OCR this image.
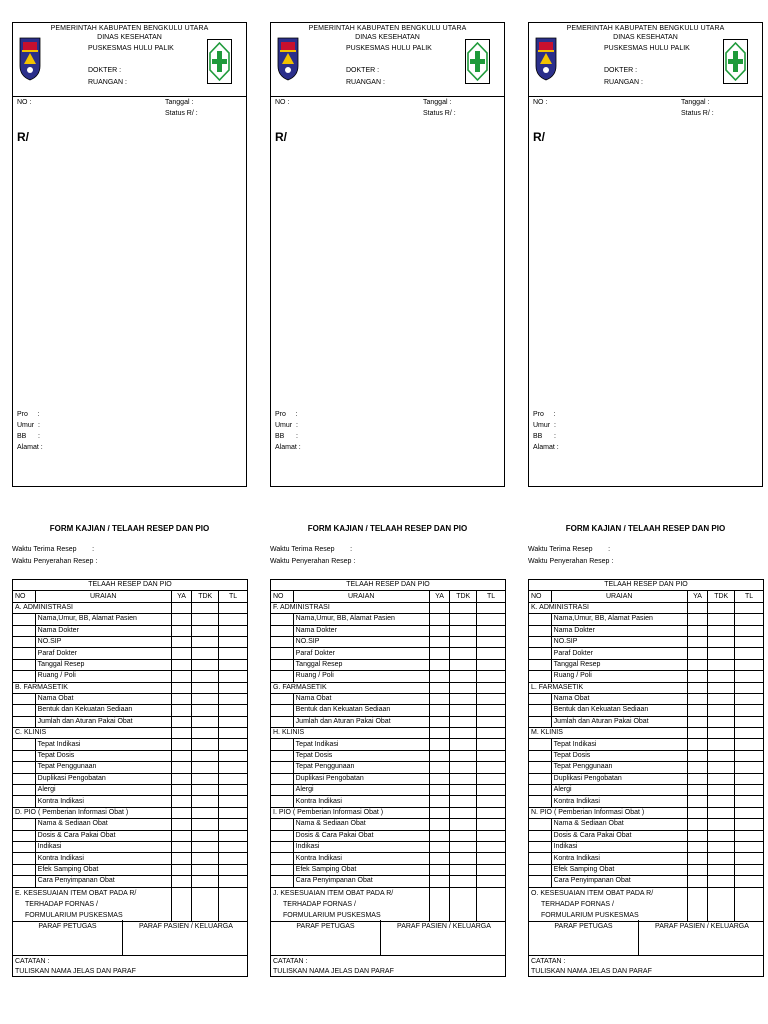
PEMERINTAH KABUPATEN BENGKULU UTARA
DINAS KESEHATAN
PUSKESMAS HULU PALIK
DOKTER :
RUANGAN :
NO :	Tanggal :
Status R/ :
R/
Pro     :
Umur  :
BB      :
Alamat :
FORM KAJIAN / TELAAH RESEP DAN PIO
Waktu Terima Resep        :
Waktu Penyerahan Resep :
TELAAH RESEP DAN PIO				
NO	URAIAN	YA	TDK	TL
A. ADMINISTRASI				
	Nama,Umur, BB, Alamat Pasien			
	Nama Dokter			
	NO.SIP			
	Paraf Dokter			
	Tanggal Resep			
	Ruang / Poli			
B. FARMASETIK				
	Nama Obat			
	Bentuk dan Kekuatan Sediaan			
	Jumlah dan Aturan Pakai Obat			
C. KLINIS				
	Tepat Indikasi			
	Tepat Dosis			
	Tepat Penggunaan			
	Duplikasi Pengobatan			
	Alergi			
	Kontra Indikasi			
D. PIO ( Pemberian Informasi Obat )				
	Nama & Sediaan Obat			
	Dosis & Cara Pakai Obat			
	Indikasi			
	Kontra Indikasi			
	Efek Samping Obat			
	Cara Penyimpanan Obat			

E. KESESUAIAN ITEM OBAT PADA R/
TERHADAP FORNAS /
FORMULARIUM PUSKESMAS				

PARAF PETUGAS	PARAF PASIEN / KELUARGA
CATATAN :
TULISKAN NAMA JELAS DAN PARAF
PEMERINTAH KABUPATEN BENGKULU UTARA
DINAS KESEHATAN
PUSKESMAS HULU PALIK
DOKTER :
RUANGAN :
NO :	Tanggal :
Status R/ :
R/
Pro     :
Umur  :
BB      :
Alamat :
FORM KAJIAN / TELAAH RESEP DAN PIO
Waktu Terima Resep        :
Waktu Penyerahan Resep :
TELAAH RESEP DAN PIO				
NO	URAIAN	YA	TDK	TL
F. ADMINISTRASI				
	Nama,Umur, BB, Alamat Pasien			
	Nama Dokter			
	NO.SIP			
	Paraf Dokter			
	Tanggal Resep			
	Ruang / Poli			
G. FARMASETIK				
	Nama Obat			
	Bentuk dan Kekuatan Sediaan			
	Jumlah dan Aturan Pakai Obat			
H. KLINIS				
	Tepat Indikasi			
	Tepat Dosis			
	Tepat Penggunaan			
	Duplikasi Pengobatan			
	Alergi			
	Kontra Indikasi			
I. PIO ( Pemberian Informasi Obat )				
	Nama & Sediaan Obat			
	Dosis & Cara Pakai Obat			
	Indikasi			
	Kontra Indikasi			
	Efek Samping Obat			
	Cara Penyimpanan Obat			

J. KESESUAIAN ITEM OBAT PADA R/
TERHADAP FORNAS /
FORMULARIUM PUSKESMAS				

PARAF PETUGAS	PARAF PASIEN / KELUARGA
CATATAN :
TULISKAN NAMA JELAS DAN PARAF
PEMERINTAH KABUPATEN BENGKULU UTARA
DINAS KESEHATAN
PUSKESMAS HULU PALIK
DOKTER :
RUANGAN :
NO :	Tanggal :
Status R/ :
R/
Pro     :
Umur  :
BB      :
Alamat :
FORM KAJIAN / TELAAH RESEP DAN PIO
Waktu Terima Resep        :
Waktu Penyerahan Resep :
TELAAH RESEP DAN PIO				
NO	URAIAN	YA	TDK	TL
K. ADMINISTRASI				
	Nama,Umur, BB, Alamat Pasien			
	Nama Dokter			
	NO.SIP			
	Paraf Dokter			
	Tanggal Resep			
	Ruang / Poli			
L. FARMASETIK				
	Nama Obat			
	Bentuk dan Kekuatan Sediaan			
	Jumlah dan Aturan Pakai Obat			
M. KLINIS				
	Tepat Indikasi			
	Tepat Dosis			
	Tepat Penggunaan			
	Duplikasi Pengobatan			
	Alergi			
	Kontra Indikasi			
N. PIO ( Pemberian Informasi Obat )				
	Nama & Sediaan Obat			
	Dosis & Cara Pakai Obat			
	Indikasi			
	Kontra Indikasi			
	Efek Samping Obat			
	Cara Penyimpanan Obat			

O. KESESUAIAN ITEM OBAT PADA R/
TERHADAP FORNAS /
FORMULARIUM PUSKESMAS				

PARAF PETUGAS	PARAF PASIEN / KELUARGA
CATATAN :
TULISKAN NAMA JELAS DAN PARAF
